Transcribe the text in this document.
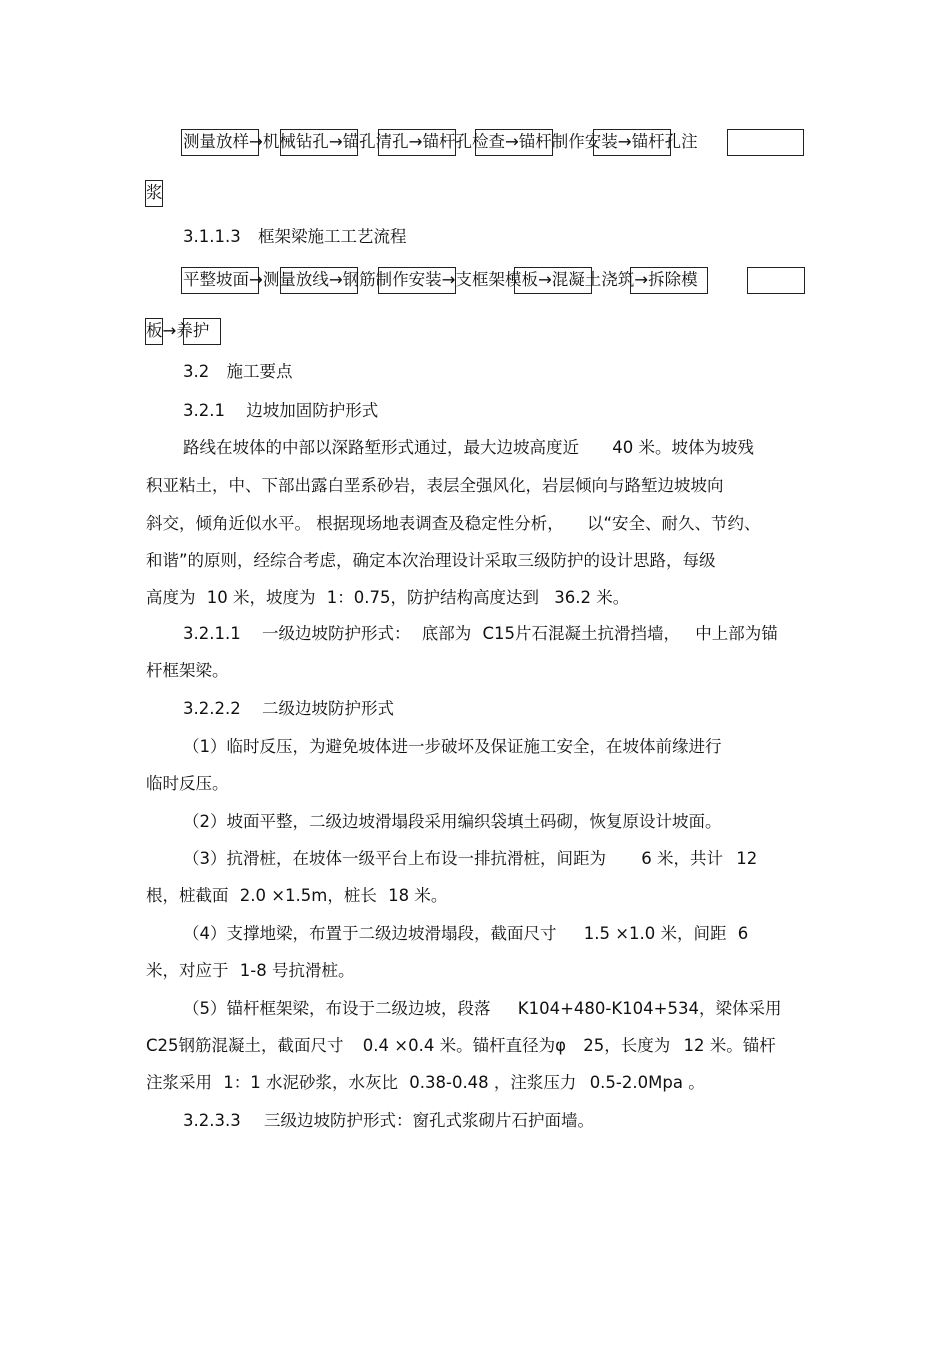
测量放样→机械钻孔→锚孔清孔→锚杆孔检查→锚杆制作安装→锚杆孔注
浆
3.1.1.3 框架梁施工工艺流程
平整坡面→测量放线→钢筋制作安装→支框架模板→混凝土浇筑→拆除模
板→养护
3.2 施工要点
3.2.1 边坡加固防护形式
路线在坡体的中部以深路堑形式通过，最大边坡高度近 40 米。坡体为坡残
积亚粘土，中、下部出露白垩系砂岩，表层全强风化，岩层倾向与路堑边坡坡向
斜交，倾角近似水平。 根据现场地表调查及稳定性分析， 以“安全、耐久、节约、
和谐”的原则，经综合考虑，确定本次治理设计采取三级防护的设计思路，每级
高度为 10 米，坡度为 1：0.75，防护结构高度达到 36.2 米。
3.2.1.1 一级边坡防护形式： 底部为 C15片石混凝土抗滑挡墙， 中上部为锚
杆框架梁。
3.2.2.2 二级边坡防护形式
（1）临时反压，为避免坡体进一步破坏及保证施工安全，在坡体前缘进行
临时反压。
（2）坡面平整，二级边坡滑塌段采用编织袋填土码砌，恢复原设计坡面。
（3）抗滑桩，在坡体一级平台上布设一排抗滑桩，间距为 6 米，共计 12
根，桩截面 2.0 ×1.5m，桩长 18 米。
（4）支撑地梁，布置于二级边坡滑塌段，截面尺寸 1.5 ×1.0 米，间距 6
米，对应于 1-8 号抗滑桩。
（5）锚杆框架梁，布设于二级边坡，段落 K104+480-K104+534，梁体采用
C25钢筋混凝土，截面尺寸 0.4 ×0.4 米。锚杆直径为φ 25，长度为 12 米。锚杆
注浆采用 1：1 水泥砂浆，水灰比 0.38-0.48 ，注浆压力 0.5-2.0Mpa 。
3.2.3.3 三级边坡防护形式：窗孔式浆砌片石护面墙。
